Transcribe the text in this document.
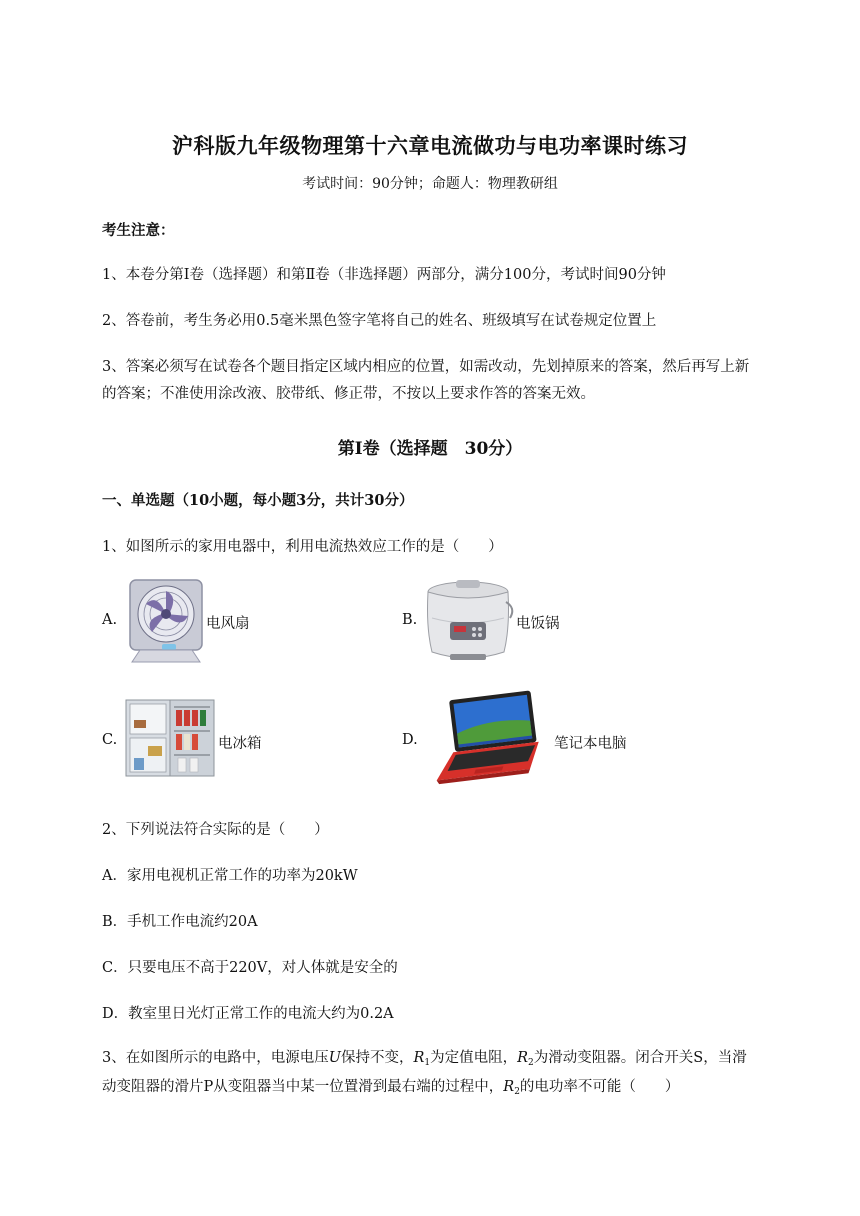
沪科版九年级物理第十六章电流做功与电功率课时练习
考试时间：90分钟；命题人：物理教研组
考生注意：
1、本卷分第Ⅰ卷（选择题）和第Ⅱ卷（非选择题）两部分，满分100分，考试时间90分钟
2、答卷前，考生务必用0.5毫米黑色签字笔将自己的姓名、班级填写在试卷规定位置上
3、答案必须写在试卷各个题目指定区域内相应的位置，如需改动，先划掉原来的答案，然后再写上新
的答案；不准使用涂改液、胶带纸、修正带，不按以上要求作答的答案无效。
第Ⅰ卷（选择题　30分）
一、单选题（10小题，每小题3分，共计30分）
1、如图所示的家用电器中，利用电流热效应工作的是（　　）
A.	电风扇	B.	电饭锅
C.	电冰箱	D.	笔记本电脑
2、下列说法符合实际的是（　　）
A．家用电视机正常工作的功率为20kW
B．手机工作电流约20A
C．只要电压不高于220V，对人体就是安全的
D．教室里日光灯正常工作的电流大约为0.2A
3、在如图所示的电路中，电源电压U保持不变，$R_1$为定值电阻，$R_2$为滑动变阻器。闭合开关S，当滑
动变阻器的滑片P从变阻器当中某一位置滑到最右端的过程中，$R_2$的电功率不可能（　　）
